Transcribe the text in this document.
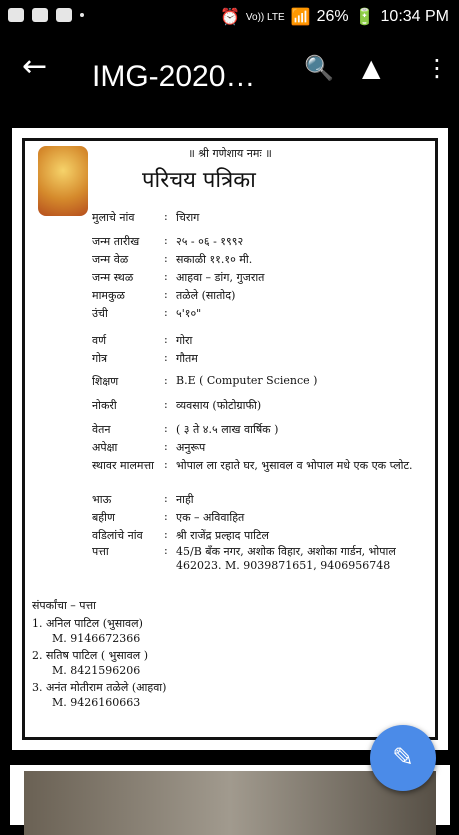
⏰ Vo)) LTE 📶 26% 🔋 10:34 PM
← IMG-2020… 🔍 ▲ ⋮
॥ श्री गणेशाय नमः ॥
परिचय पत्रिका
मुलाचे नांव	: चिराग
जन्म तारीख	: २५ - ०६ - १९९२
जन्म वेळ	: सकाळी ११.१० मी.
जन्म स्थळ	: आहवा – डांग, गुजरात
मामकुळ	: तळेले (सातोद)
उंची	: ५'१०"
वर्ण	: गोरा
गोत्र	: गौतम
शिक्षण	: B.E ( Computer Science )
नोकरी	: व्यवसाय (फोटोग्राफी)
वेतन	: ( ३ ते ४.५ लाख वार्षिक )
अपेक्षा	: अनुरूप
स्थावर मालमत्ता : भोपाल ला रहाते घर, भुसावल व भोपाल मधे एक एक प्लोट.
भाऊ	: नाही
बहीण	: एक – अविवाहित
वडिलांचे नांव	: श्री राजेंद्र प्रल्हाद पाटिल
पत्ता	: 45/B बँक नगर, अशोक विहार, अशोका गार्डन, भोपाल 462023. M. 9039871651, 9406956748
संपर्कांचा – पत्ता
1. अनिल पाटिल (भुसावल)
M. 9146672366
2. सतिष पाटिल ( भुसावल )
M. 8421596206
3. अनंत मोतीराम तळेले (आहवा)
M. 9426160663
✎
